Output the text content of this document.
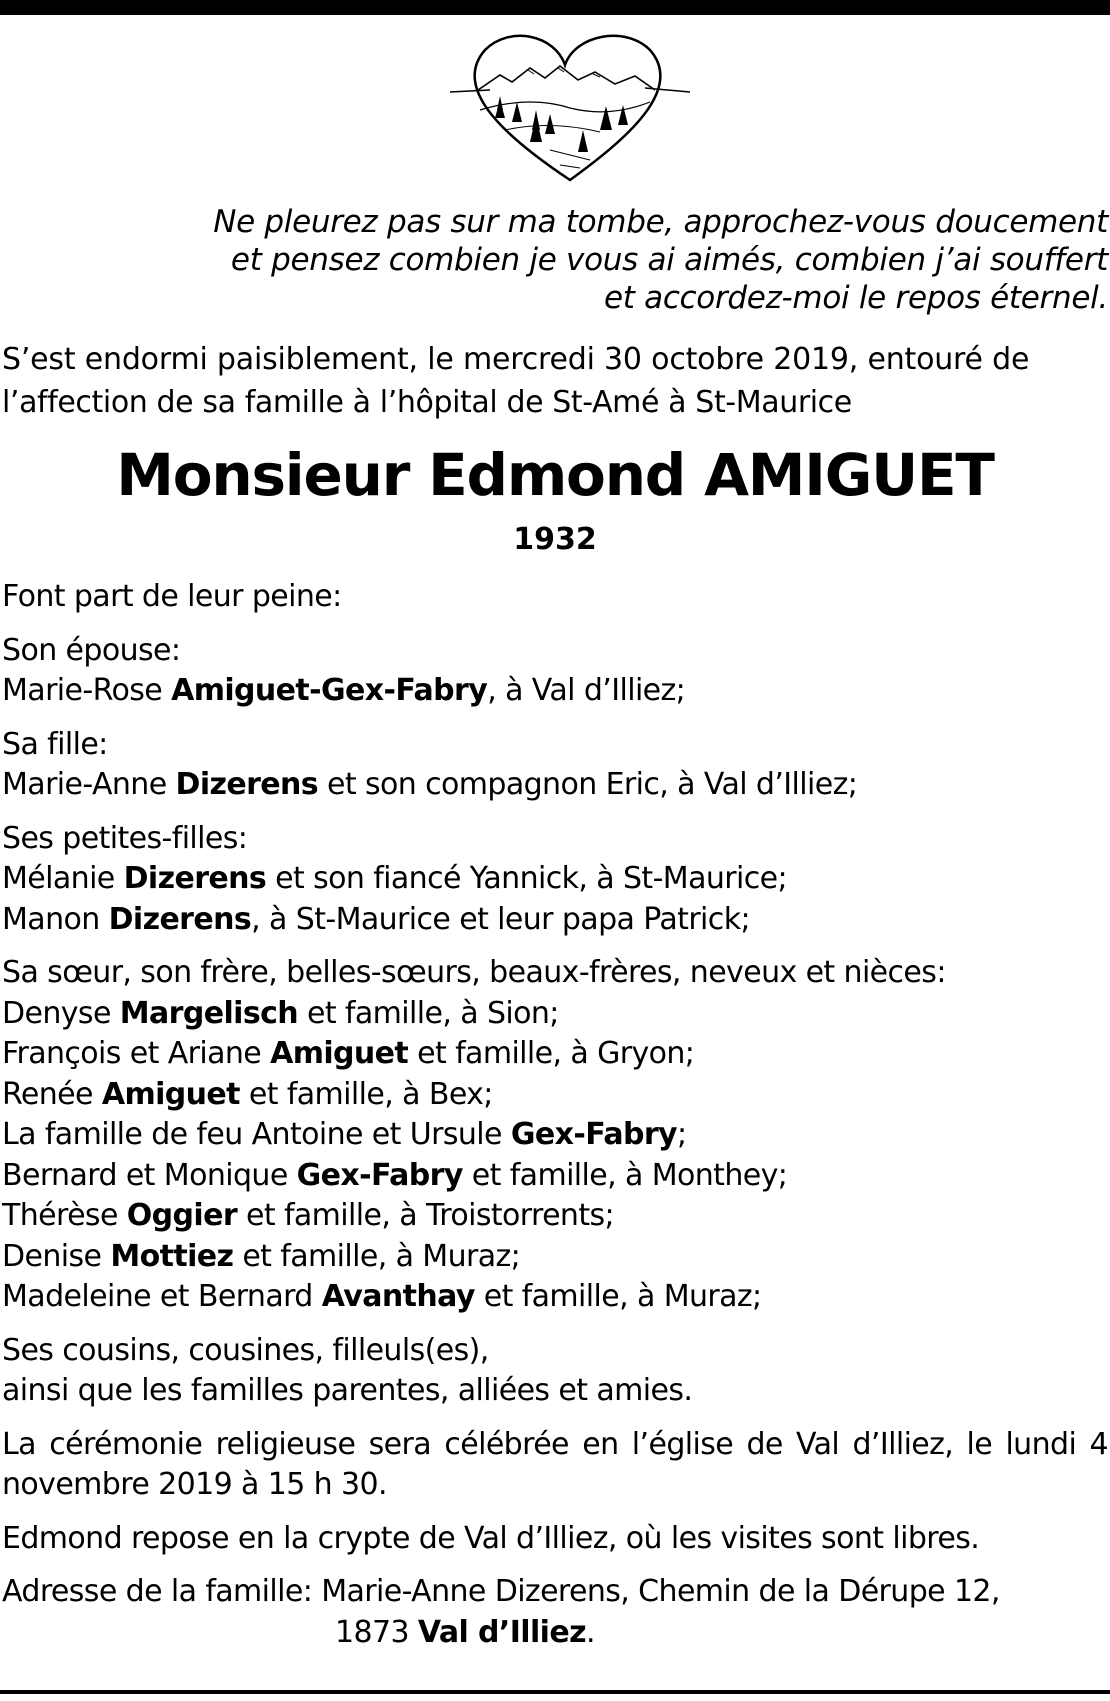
Ne pleurez pas sur ma tombe, approchez-vous doucement
et pensez combien je vous ai aimés, combien j’ai souffert
et accordez-moi le repos éternel.
S’est endormi paisiblement, le mercredi 30 octobre 2019, entouré de
l’affection de sa famille à l’hôpital de St-Amé à St-Maurice
Monsieur Edmond AMIGUET
1932

Font part de leur peine:

Son épouse:
Marie-Rose Amiguet-Gex-Fabry, à Val d’Illiez;

Sa fille:
Marie-Anne Dizerens et son compagnon Eric, à Val d’Illiez;

Ses petites-filles:
Mélanie Dizerens et son fiancé Yannick, à St-Maurice;
Manon Dizerens, à St-Maurice et leur papa Patrick;

Sa sœur, son frère, belles-sœurs, beaux-frères, neveux et nièces:
Denyse Margelisch et famille, à Sion;
François et Ariane Amiguet et famille, à Gryon;
Renée Amiguet et famille, à Bex;
La famille de feu Antoine et Ursule Gex-Fabry;
Bernard et Monique Gex-Fabry et famille, à Monthey;
Thérèse Oggier et famille, à Troistorrents;
Denise Mottiez et famille, à Muraz;
Madeleine et Bernard Avanthay et famille, à Muraz;

Ses cousins, cousines, filleuls(es),
ainsi que les familles parentes, alliées et amies.

La cérémonie religieuse sera célébrée en l’église de Val d’Illiez, le lundi 4 novembre 2019 à 15 h 30.

Edmond repose en la crypte de Val d’Illiez, où les visites sont libres.

Adresse de la famille: Marie-Anne Dizerens, Chemin de la Dérupe 12,
1873 Val d’Illiez.
